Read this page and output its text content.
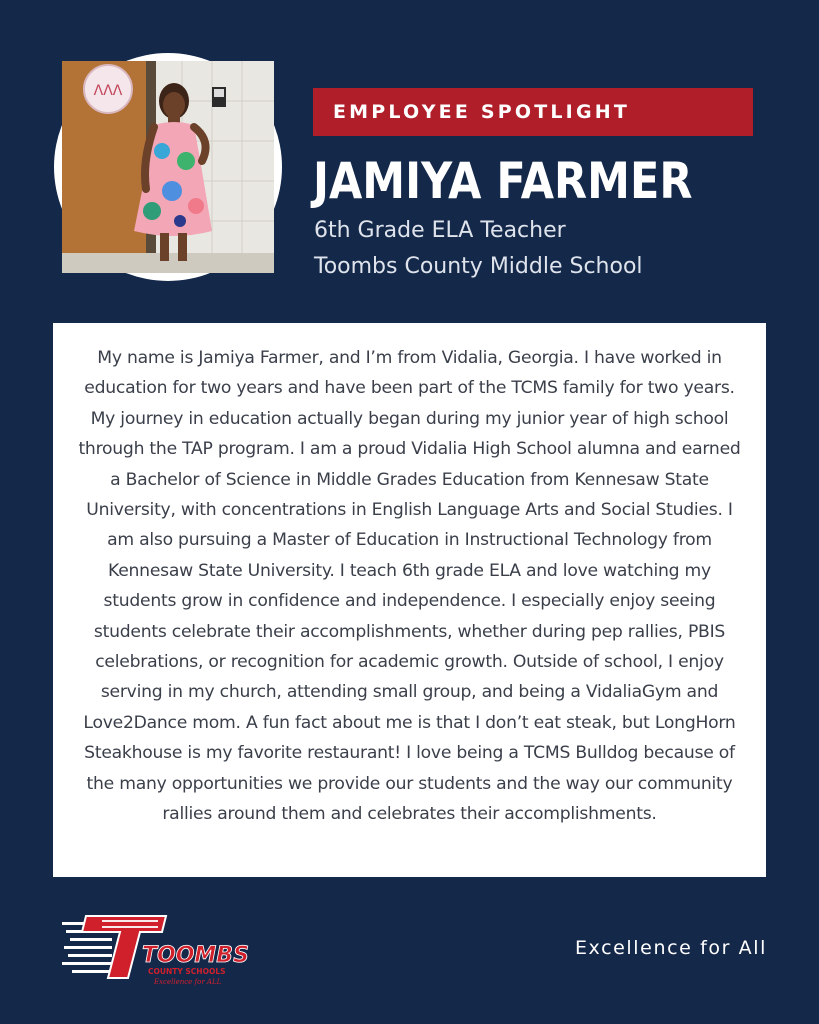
ΛΛΛ
EMPLOYEE SPOTLIGHT
JAMIYA FARMER
6th Grade ELA Teacher
Toombs County Middle School
My name is Jamiya Farmer, and I’m from Vidalia, Georgia. I have worked in education for two years and have been part of the TCMS family for two years. My journey in education actually began during my junior year of high school through the TAP program. I am a proud Vidalia High School alumna and earned a Bachelor of Science in Middle Grades Education from Kennesaw State University, with concentrations in English Language Arts and Social Studies. I am also pursuing a Master of Education in Instructional Technology from Kennesaw State University. I teach 6th grade ELA and love watching my students grow in confidence and independence. I especially enjoy seeing students celebrate their accomplishments, whether during pep rallies, PBIS celebrations, or recognition for academic growth. Outside of school, I enjoy serving in my church, attending small group, and being a VidaliaGym and Love2Dance mom. A fun fact about me is that I don’t eat steak, but LongHorn Steakhouse is my favorite restaurant! I love being a TCMS Bulldog because of the many opportunities we provide our students and the way our community rallies around them and celebrates their accomplishments.
TOOMBS
COUNTY SCHOOLS
Excellence for ALL
Excellence for All
